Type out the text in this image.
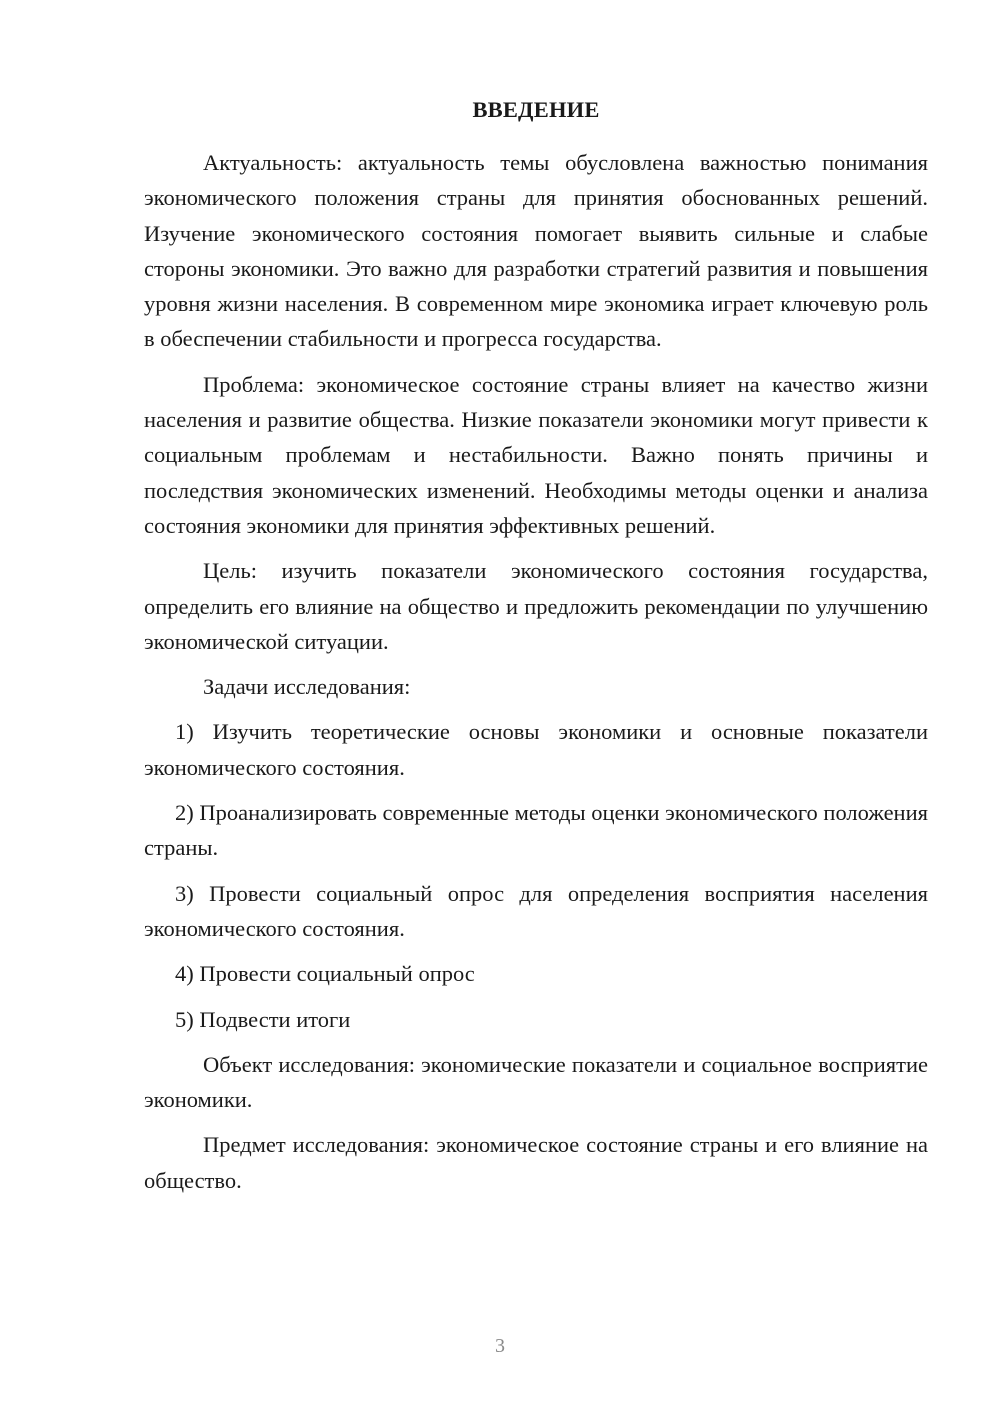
ВВЕДЕНИЕ

Актуальность: актуальность темы обусловлена важностью понимания экономического положения страны для принятия обоснованных решений. Изучение экономического состояния помогает выявить сильные и слабые стороны экономики. Это важно для разработки стратегий развития и повышения уровня жизни населения. В современном мире экономика играет ключевую роль в обеспечении стабильности и прогресса государства.

Проблема: экономическое состояние страны влияет на качество жизни населения и развитие общества. Низкие показатели экономики могут привести к социальным проблемам и нестабильности. Важно понять причины и последствия экономических изменений. Необходимы методы оценки и анализа состояния экономики для принятия эффективных решений.

Цель: изучить показатели экономического состояния государства, определить его влияние на общество и предложить рекомендации по улучшению экономической ситуации.

Задачи исследования:

1) Изучить теоретические основы экономики и основные показатели экономического состояния.
2) Проанализировать современные методы оценки экономического положения страны.
3) Провести социальный опрос для определения восприятия населения экономического состояния.
4) Провести социальный опрос
5) Подвести итоги

Объект исследования: экономические показатели и социальное восприятие экономики.

Предмет исследования: экономическое состояние страны и его влияние на общество.

3
